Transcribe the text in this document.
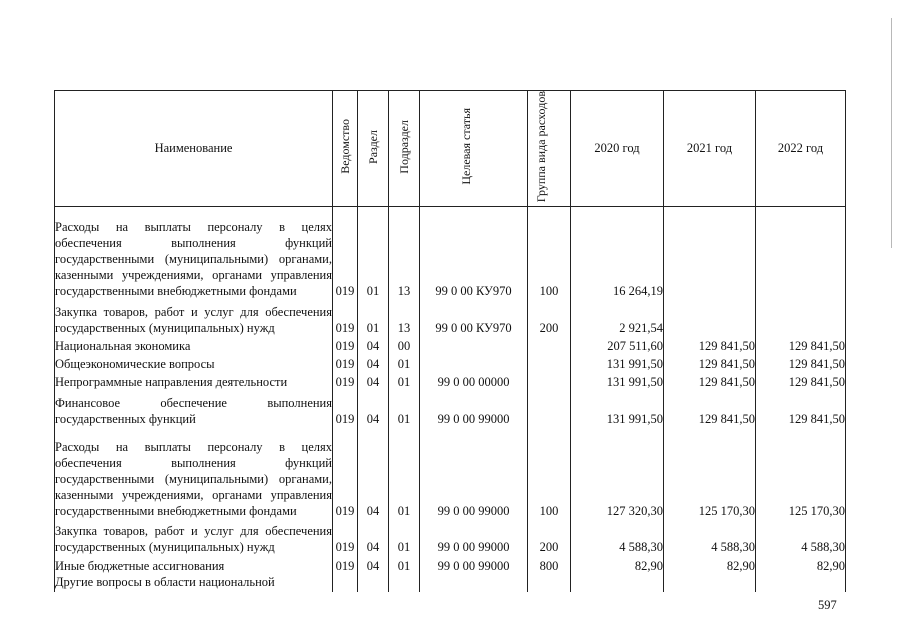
Наименование	Ведомство	Раздел	Подраздел	Целевая статья	Группа вида расходов	2020 год	2021 год	2022 год
Расходы на выплаты персоналу в целях обеспечения выполнения функций государственными (муниципальными) органами, казенными учреждениями, органами управления государственными внебюджетными фондами	019	01	13	99 0 00 КУ970	100	16 264,19		
Закупка товаров, работ и услуг для обеспечения государственных (муниципальных) нужд	019	01	13	99 0 00 КУ970	200	2 921,54		
Национальная экономика	019	04	00			207 511,60	129 841,50	129 841,50
Общеэкономические вопросы	019	04	01			131 991,50	129 841,50	129 841,50
Непрограммные направления деятельности	019	04	01	99 0 00 00000		131 991,50	129 841,50	129 841,50
Финансовое обеспечение выполнения государственных функций	019	04	01	99 0 00 99000		131 991,50	129 841,50	129 841,50
Расходы на выплаты персоналу в целях обеспечения выполнения функций государственными (муниципальными) органами, казенными учреждениями, органами управления государственными внебюджетными фондами	019	04	01	99 0 00 99000	100	127 320,30	125 170,30	125 170,30
Закупка товаров, работ и услуг для обеспечения государственных (муниципальных) нужд	019	04	01	99 0 00 99000	200	4 588,30	4 588,30	4 588,30
Иные бюджетные ассигнования	019	04	01	99 0 00 99000	800	82,90	82,90	82,90
Другие вопросы в области национальной								
597
